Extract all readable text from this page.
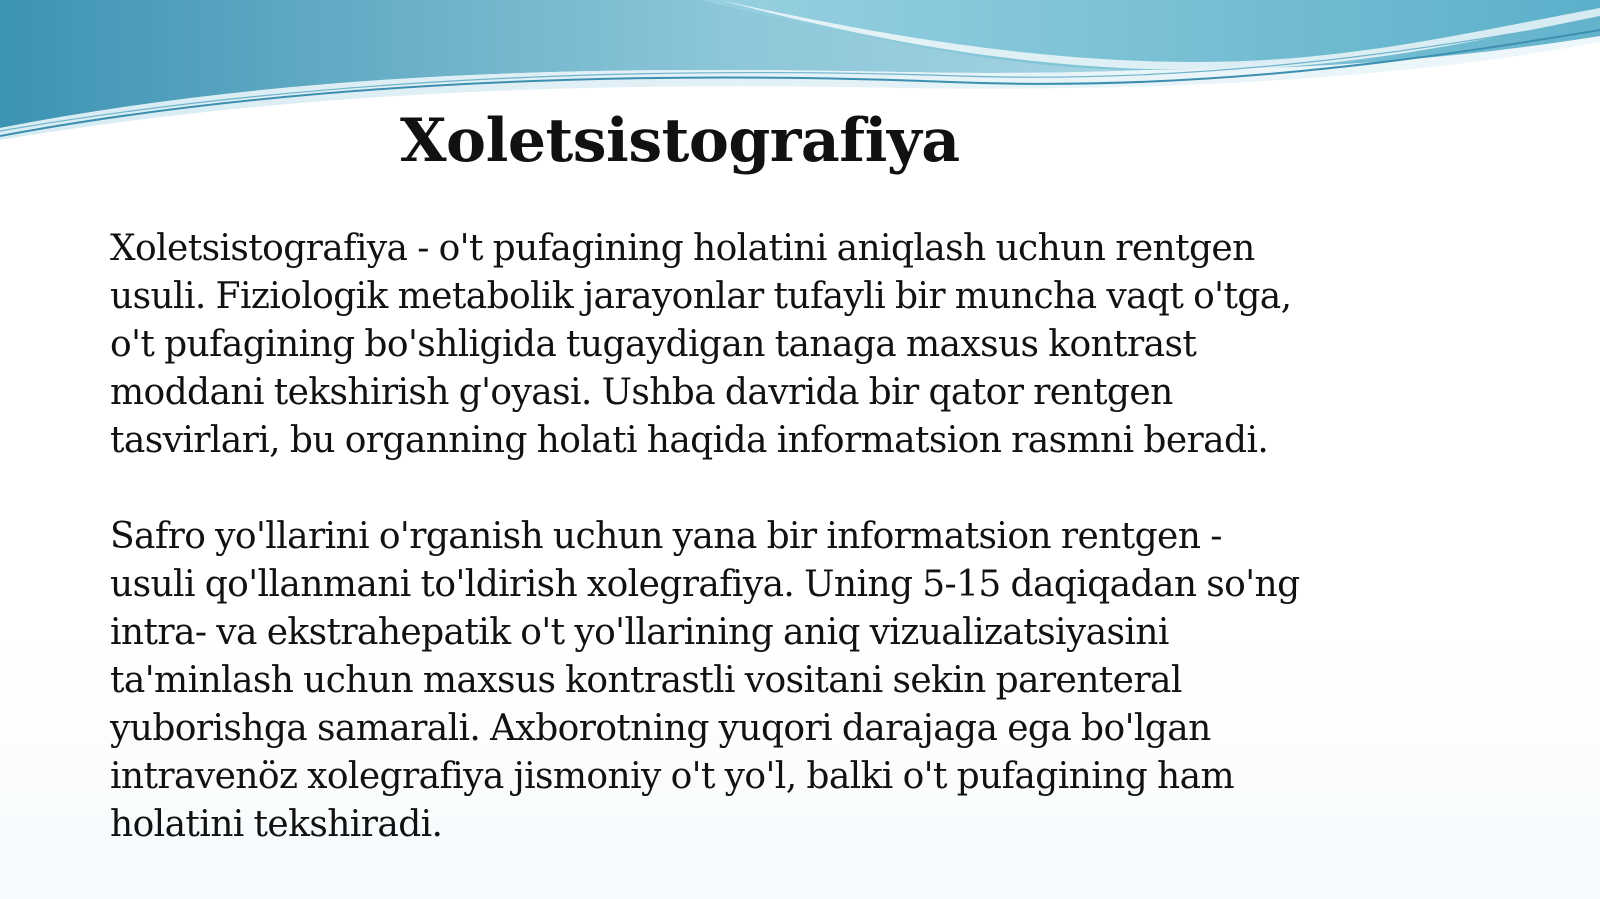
Xoletsistografiya

Xoletsistografiya - o't pufagining holatini aniqlash uchun rentgen
usuli. Fiziologik metabolik jarayonlar tufayli bir muncha vaqt o'tga,
o't pufagining bo'shligida tugaydigan tanaga maxsus kontrast
moddani tekshirish g'oyasi. Ushba davrida bir qator rentgen
tasvirlari, bu organning holati haqida informatsion rasmni beradi.

Safro yo'llarini o'rganish uchun yana bir informatsion rentgen -
usuli qo'llanmani to'ldirish xolegrafiya. Uning 5-15 daqiqadan so'ng
intra- va ekstrahepatik o't yo'llarining aniq vizualizatsiyasini
ta'minlash uchun maxsus kontrastli vositani sekin parenteral
yuborishga samarali. Axborotning yuqori darajaga ega bo'lgan
intravenöz xolegrafiya jismoniy o't yo'l, balki o't pufagining ham
holatini tekshiradi.
